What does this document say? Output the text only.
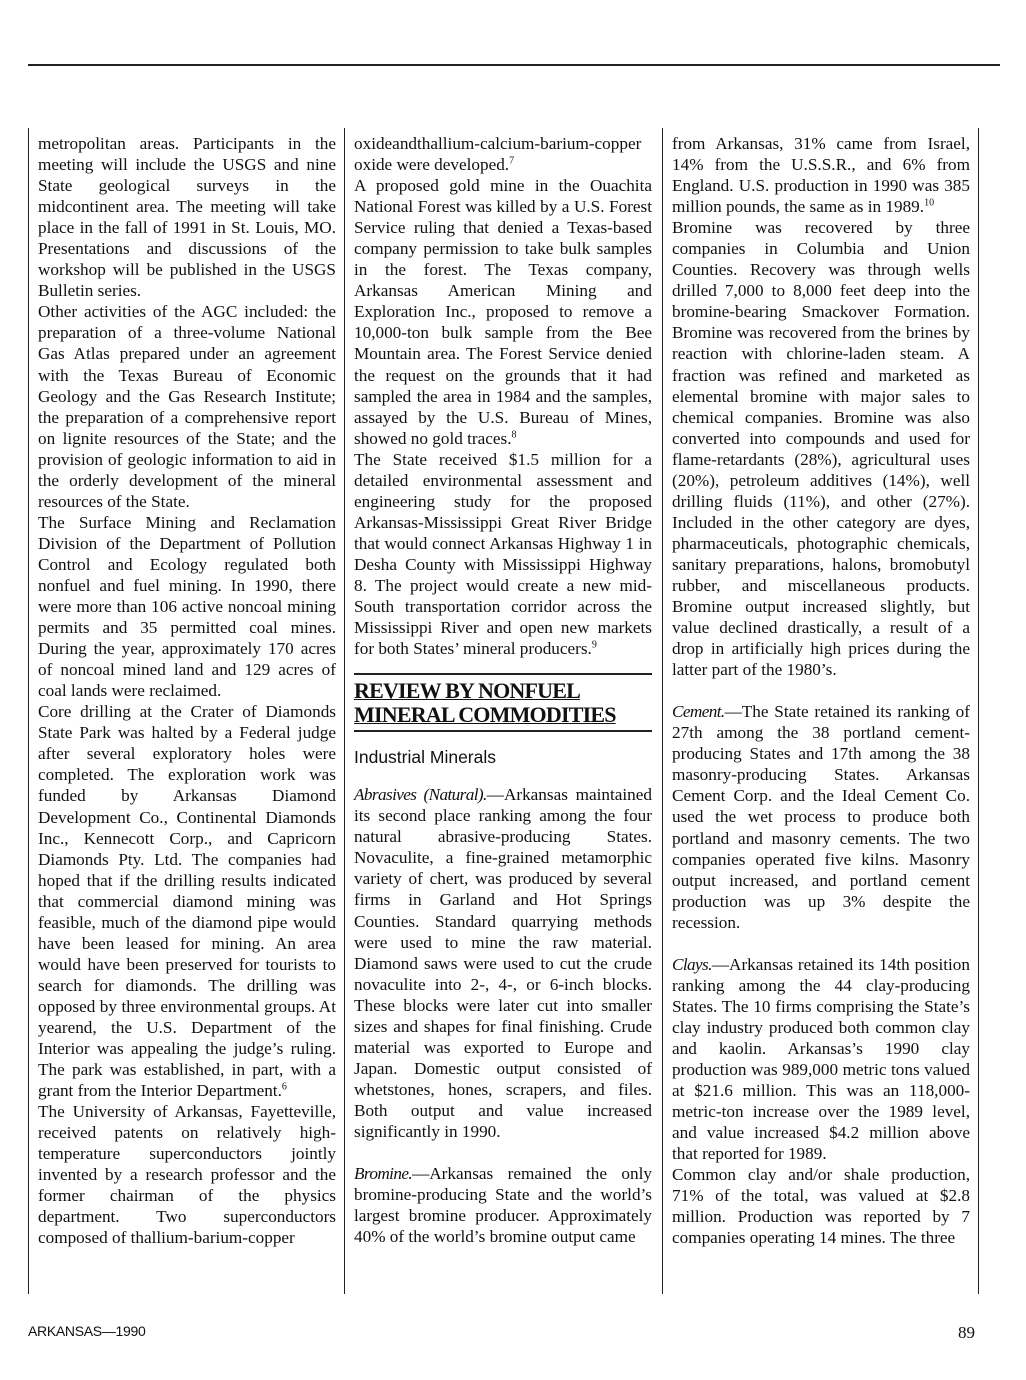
metropolitan areas. Participants in the meeting will include the USGS and nine State geological surveys in the midcontinent area. The meeting will take place in the fall of 1991 in St. Louis, MO. Presentations and discussions of the workshop will be published in the USGS Bulletin series.

Other activities of the AGC included: the preparation of a three-volume National Gas Atlas prepared under an agreement with the Texas Bureau of Economic Geology and the Gas Research Institute; the preparation of a comprehensive report on lignite resources of the State; and the provision of geologic information to aid in the orderly development of the mineral resources of the State.

The Surface Mining and Reclamation Division of the Department of Pollution Control and Ecology regulated both nonfuel and fuel mining. In 1990, there were more than 106 active noncoal mining permits and 35 permitted coal mines. During the year, approximately 170 acres of noncoal mined land and 129 acres of coal lands were reclaimed.

Core drilling at the Crater of Diamonds State Park was halted by a Federal judge after several exploratory holes were completed. The exploration work was funded by Arkansas Diamond Development Co., Continental Diamonds Inc., Kennecott Corp., and Capricorn Diamonds Pty. Ltd. The companies had hoped that if the drilling results indicated that commercial diamond mining was feasible, much of the diamond pipe would have been leased for mining. An area would have been preserved for tourists to search for diamonds. The drilling was opposed by three environmental groups. At yearend, the U.S. Department of the Interior was appealing the judge’s ruling. The park was established, in part, with a grant from the Interior Department.$^6$

The University of Arkansas, Fayetteville, received patents on relatively high-temperature superconductors jointly invented by a research professor and the former chairman of the physics department. Two superconductors composed of thallium-barium-copper

oxideandthallium-calcium-barium-copper oxide were developed.$^7$

A proposed gold mine in the Ouachita National Forest was killed by a U.S. Forest Service ruling that denied a Texas-based company permission to take bulk samples in the forest. The Texas company, Arkansas American Mining and Exploration Inc., proposed to remove a 10,000-ton bulk sample from the Bee Mountain area. The Forest Service denied the request on the grounds that it had sampled the area in 1984 and the samples, assayed by the U.S. Bureau of Mines, showed no gold traces.$^8$

The State received $1.5 million for a detailed environmental assessment and engineering study for the proposed Arkansas-Mississippi Great River Bridge that would connect Arkansas Highway 1 in Desha County with Mississippi Highway 8. The project would create a new mid-South transportation corridor across the Mississippi River and open new markets for both States’ mineral producers.$^9$

REVIEW BY NONFUEL
MINERAL COMMODITIES
Industrial Minerals

Abrasives (Natural).—Arkansas maintained its second place ranking among the four natural abrasive-producing States. Novaculite, a fine-grained metamorphic variety of chert, was produced by several firms in Garland and Hot Springs Counties. Standard quarrying methods were used to mine the raw material. Diamond saws were used to cut the crude novaculite into 2-, 4-, or 6-inch blocks. These blocks were later cut into smaller sizes and shapes for final finishing. Crude material was exported to Europe and Japan. Domestic output consisted of whetstones, hones, scrapers, and files. Both output and value increased significantly in 1990.

Bromine.—Arkansas remained the only bromine-producing State and the world’s largest bromine producer. Approximately 40% of the world’s bromine output came

from Arkansas, 31% came from Israel, 14% from the U.S.S.R., and 6% from England. U.S. production in 1990 was 385 million pounds, the same as in 1989.10

Bromine was recovered by three companies in Columbia and Union Counties. Recovery was through wells drilled 7,000 to 8,000 feet deep into the bromine-bearing Smackover Formation. Bromine was recovered from the brines by reaction with chlorine-laden steam. A fraction was refined and marketed as elemental bromine with major sales to chemical companies. Bromine was also converted into compounds and used for flame-retardants (28%), agricultural uses (20%), petroleum additives (14%), well drilling fluids (11%), and other (27%). Included in the other category are dyes, pharmaceuticals, photographic chemicals, sanitary preparations, halons, bromobutyl rubber, and miscellaneous products. Bromine output increased slightly, but value declined drastically, a result of a drop in artificially high prices during the latter part of the 1980’s.

Cement.—The State retained its ranking of 27th among the 38 portland cement-producing States and 17th among the 38 masonry-producing States. Arkansas Cement Corp. and the Ideal Cement Co. used the wet process to produce both portland and masonry cements. The two companies operated five kilns. Masonry output increased, and portland cement production was up 3% despite the recession.

Clays.—Arkansas retained its 14th position ranking among the 44 clay-producing States. The 10 firms comprising the State’s clay industry produced both common clay and kaolin. Arkansas’s 1990 clay production was 989,000 metric tons valued at $21.6 million. This was an 118,000-metric-ton increase over the 1989 level, and value increased $4.2 million above that reported for 1989.

Common clay and/or shale production, 71% of the total, was valued at $2.8 million. Production was reported by 7 companies operating 14 mines. The three

ARKANSAS—1990	89
